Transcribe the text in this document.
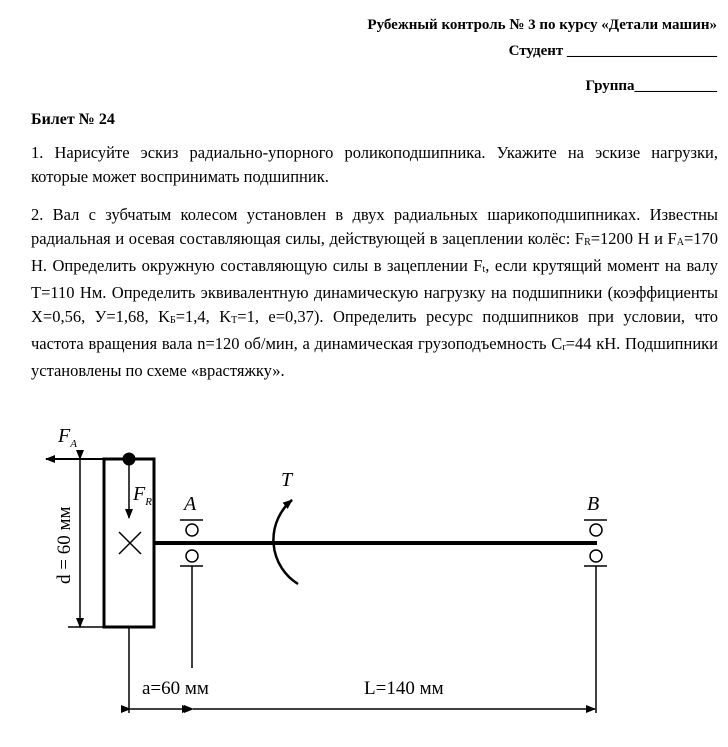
Рубежный контроль № 3 по курсу «Детали машин»
Студент ____________________
Группа___________
Билет № 24
1. Нарисуйте эскиз радиально-упорного роликоподшипника. Укажите на эскизе нагрузки, которые может воспринимать подшипник.
2. Вал с зубчатым колесом установлен в двух радиальных шарикоподшипниках. Известны радиальная и осевая составляющая силы, действующей в зацеплении колёс: $F_R=1200$ Н и $F_A=170$ Н. Определить окружную составляющую силы в зацеплении $F_t$, если крутящий момент на валу T=110 Нм. Определить эквивалентную динамическую нагрузку на подшипники (коэффициенты X=0,56, У=1,68, $K_Б=1,4$, $K_T=1$, e=0,37). Определить ресурс подшипников при условии, что частота вращения вала n=120 об/мин, а динамическая грузоподъемность $C_r=44$ кН. Подшипники установлены по схеме «врастяжку».
$F_A$
$F_R$ A	B
T
d = 60 мм
a=60 мм	L=140 мм
